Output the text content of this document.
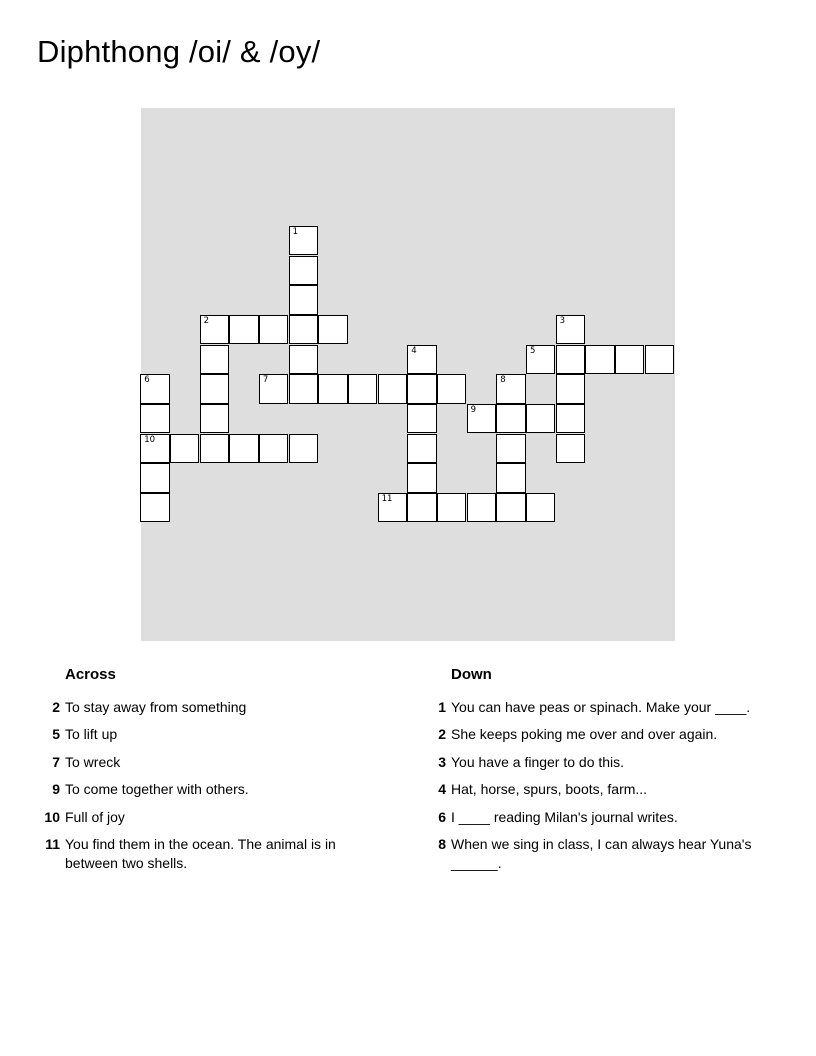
Diphthong /oi/ & /oy/
1
2	3
4	5
6	7	8
9
10
11
Across
2 To stay away from something
5 To lift up
7 To wreck
9 To come together with others.
10 Full of joy
11 You find them in the ocean. The animal is in between two shells.
Down
1 You can have peas or spinach. Make your ____.
2 She keeps poking me over and over again.
3 You have a finger to do this.
4 Hat, horse, spurs, boots, farm...
6 I ____ reading Milan's journal writes.
8 When we sing in class, I can always hear Yuna's ______.
